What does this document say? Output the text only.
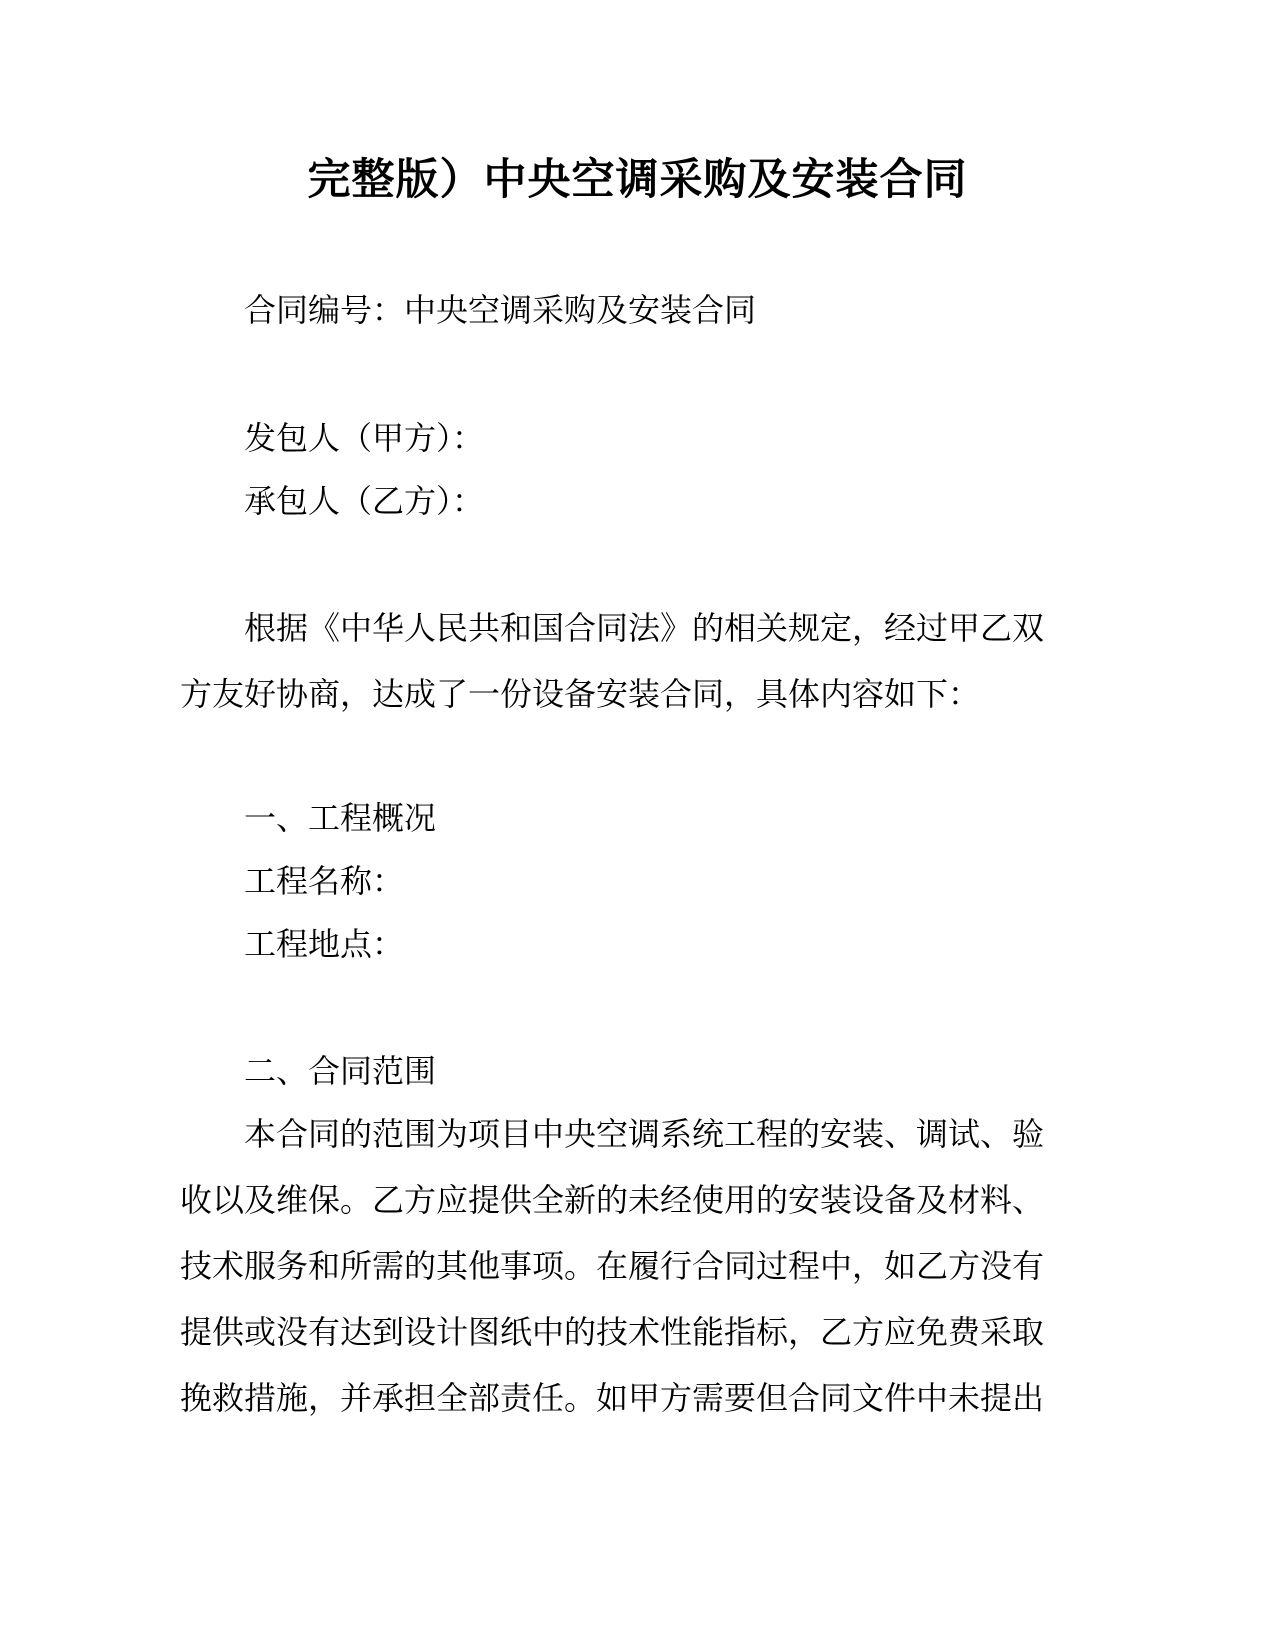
完整版）中央空调采购及安装合同
合同编号：中央空调采购及安装合同
发包人（甲方）：
承包人（乙方）：
根据《中华人民共和国合同法》的相关规定，经过甲乙双
方友好协商，达成了一份设备安装合同，具体内容如下：
一、工程概况
工程名称：
工程地点：
二、合同范围
本合同的范围为项目中央空调系统工程的安装、调试、验
收以及维保。乙方应提供全新的未经使用的安装设备及材料、
技术服务和所需的其他事项。在履行合同过程中，如乙方没有
提供或没有达到设计图纸中的技术性能指标，乙方应免费采取
挽救措施，并承担全部责任。如甲方需要但合同文件中未提出
